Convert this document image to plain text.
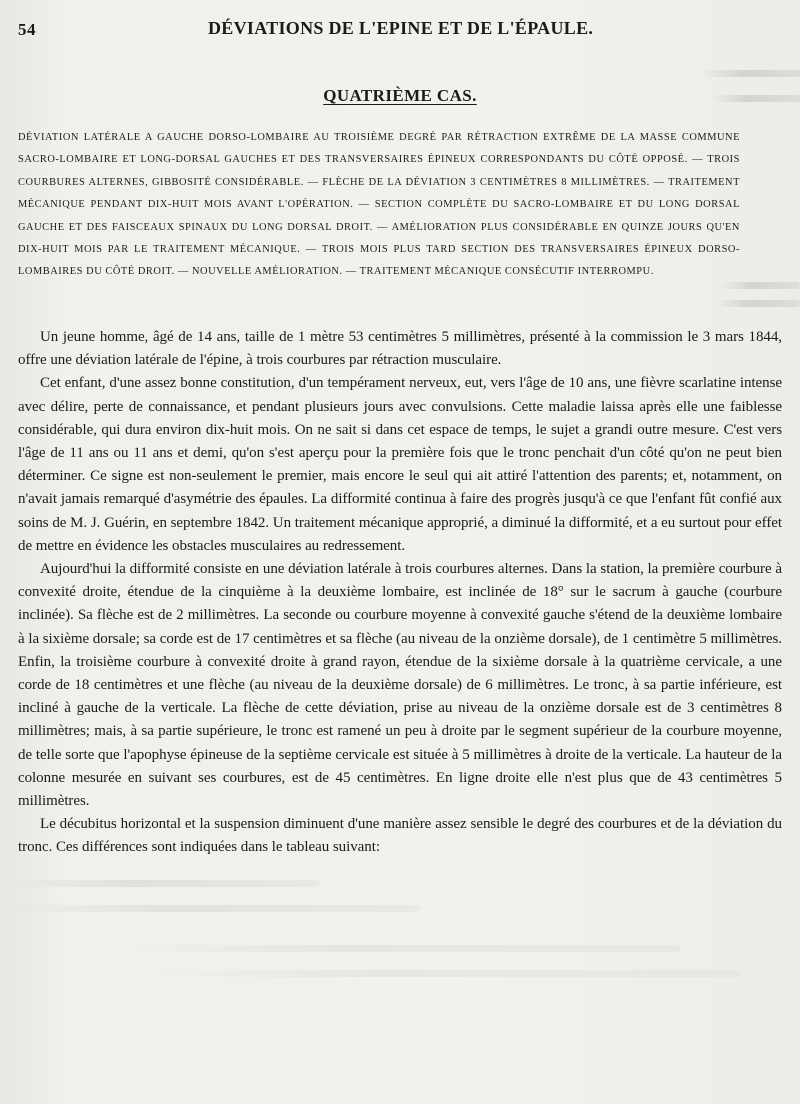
54	DÉVIATIONS DE L'EPINE ET DE L'ÉPAULE.
QUATRIÈME CAS.

DÉVIATION LATÉRALE A GAUCHE DORSO-LOMBAIRE AU TROISIÈME DEGRÉ PAR RÉTRACTION EXTRÊME DE LA MASSE COMMUNE SACRO-LOMBAIRE ET LONG-DORSAL GAUCHES ET DES TRANSVERSAIRES ÉPINEUX CORRESPONDANTS DU CÔTÉ OPPOSÉ. — TROIS COURBURES ALTERNES, GIBBOSITÉ CONSIDÉRABLE. — FLÈCHE DE LA DÉVIATION 3 CENTIMÈTRES 8 MILLIMÈTRES. — TRAITEMENT MÉCANIQUE PENDANT DIX-HUIT MOIS AVANT L'OPÉRATION. — SECTION COMPLÈTE DU SACRO-LOMBAIRE ET DU LONG DORSAL GAUCHE ET DES FAISCEAUX SPINAUX DU LONG DORSAL DROIT. — AMÉLIORATION PLUS CONSIDÉRABLE EN QUINZE JOURS QU'EN DIX-HUIT MOIS PAR LE TRAITEMENT MÉCANIQUE. — TROIS MOIS PLUS TARD SECTION DES TRANSVERSAIRES ÉPINEUX DORSO-LOMBAIRES DU CÔTÉ DROIT. — NOUVELLE AMÉLIORATION. — TRAITEMENT MÉCANIQUE CONSÉCUTIF INTERROMPU.

Un jeune homme, âgé de 14 ans, taille de 1 mètre 53 centimètres 5 millimètres, présenté à la commission le 3 mars 1844, offre une déviation latérale de l'épine, à trois courbures par rétraction musculaire.

Cet enfant, d'une assez bonne constitution, d'un tempérament nerveux, eut, vers l'âge de 10 ans, une fièvre scarlatine intense avec délire, perte de connaissance, et pendant plusieurs jours avec convulsions. Cette maladie laissa après elle une faiblesse considérable, qui dura environ dix-huit mois. On ne sait si dans cet espace de temps, le sujet a grandi outre mesure. C'est vers l'âge de 11 ans ou 11 ans et demi, qu'on s'est aperçu pour la première fois que le tronc penchait d'un côté qu'on ne peut bien déterminer. Ce signe est non-seulement le premier, mais encore le seul qui ait attiré l'attention des parents; et, notamment, on n'avait jamais remarqué d'asymétrie des épaules. La difformité continua à faire des progrès jusqu'à ce que l'enfant fût confié aux soins de M. J. Guérin, en septembre 1842. Un traitement mécanique approprié, a diminué la difformité, et a eu surtout pour effet de mettre en évidence les obstacles musculaires au redressement.

Aujourd'hui la difformité consiste en une déviation latérale à trois courbures alternes. Dans la station, la première courbure à convexité droite, étendue de la cinquième à la deuxième lombaire, est inclinée de 18° sur le sacrum à gauche (courbure inclinée). Sa flèche est de 2 millimètres. La seconde ou courbure moyenne à convexité gauche s'étend de la deuxième lombaire à la sixième dorsale; sa corde est de 17 centimètres et sa flèche (au niveau de la onzième dorsale), de 1 centimètre 5 millimètres. Enfin, la troisième courbure à convexité droite à grand rayon, étendue de la sixième dorsale à la quatrième cervicale, a une corde de 18 centimètres et une flèche (au niveau de la deuxième dorsale) de 6 millimètres. Le tronc, à sa partie inférieure, est incliné à gauche de la verticale. La flèche de cette déviation, prise au niveau de la onzième dorsale est de 3 centimètres 8 millimètres; mais, à sa partie supérieure, le tronc est ramené un peu à droite par le segment supérieur de la courbure moyenne, de telle sorte que l'apophyse épineuse de la septième cervicale est située à 5 millimètres à droite de la verticale. La hauteur de la colonne mesurée en suivant ses courbures, est de 45 centimètres. En ligne droite elle n'est plus que de 43 centimètres 5 millimètres.

Le décubitus horizontal et la suspension diminuent d'une manière assez sensible le degré des courbures et de la déviation du tronc. Ces différences sont indiquées dans le tableau suivant:
